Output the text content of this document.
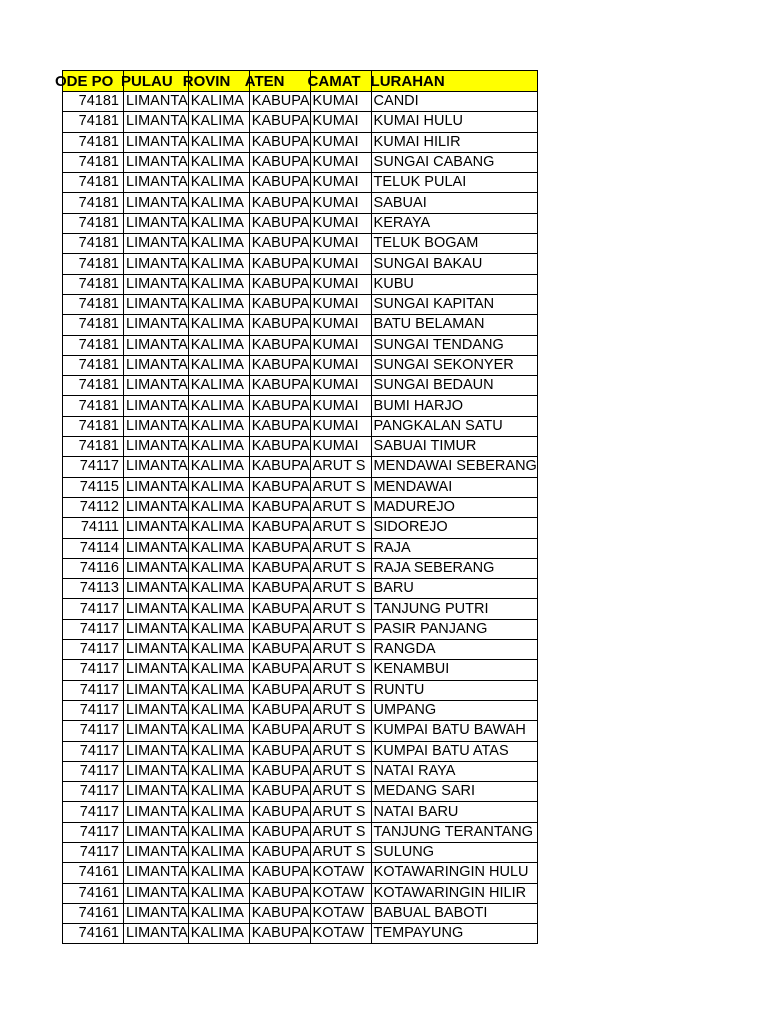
ODE PO	PULAU	ROVIN	ATEN	CAMAT	LURAHAN
74181	LIMANTA	KALIMA	KABUPA	KUMAI	CANDI
74181	LIMANTA	KALIMA	KABUPA	KUMAI	KUMAI HULU
74181	LIMANTA	KALIMA	KABUPA	KUMAI	KUMAI HILIR
74181	LIMANTA	KALIMA	KABUPA	KUMAI	SUNGAI CABANG
74181	LIMANTA	KALIMA	KABUPA	KUMAI	TELUK PULAI
74181	LIMANTA	KALIMA	KABUPA	KUMAI	SABUAI
74181	LIMANTA	KALIMA	KABUPA	KUMAI	KERAYA
74181	LIMANTA	KALIMA	KABUPA	KUMAI	TELUK BOGAM
74181	LIMANTA	KALIMA	KABUPA	KUMAI	SUNGAI BAKAU
74181	LIMANTA	KALIMA	KABUPA	KUMAI	KUBU
74181	LIMANTA	KALIMA	KABUPA	KUMAI	SUNGAI KAPITAN
74181	LIMANTA	KALIMA	KABUPA	KUMAI	BATU BELAMAN
74181	LIMANTA	KALIMA	KABUPA	KUMAI	SUNGAI TENDANG
74181	LIMANTA	KALIMA	KABUPA	KUMAI	SUNGAI SEKONYER
74181	LIMANTA	KALIMA	KABUPA	KUMAI	SUNGAI BEDAUN
74181	LIMANTA	KALIMA	KABUPA	KUMAI	BUMI HARJO
74181	LIMANTA	KALIMA	KABUPA	KUMAI	PANGKALAN SATU
74181	LIMANTA	KALIMA	KABUPA	KUMAI	SABUAI TIMUR
74117	LIMANTA	KALIMA	KABUPA	ARUT S	MENDAWAI SEBERANG
74115	LIMANTA	KALIMA	KABUPA	ARUT S	MENDAWAI
74112	LIMANTA	KALIMA	KABUPA	ARUT S	MADUREJO
74111	LIMANTA	KALIMA	KABUPA	ARUT S	SIDOREJO
74114	LIMANTA	KALIMA	KABUPA	ARUT S	RAJA
74116	LIMANTA	KALIMA	KABUPA	ARUT S	RAJA SEBERANG
74113	LIMANTA	KALIMA	KABUPA	ARUT S	BARU
74117	LIMANTA	KALIMA	KABUPA	ARUT S	TANJUNG PUTRI
74117	LIMANTA	KALIMA	KABUPA	ARUT S	PASIR PANJANG
74117	LIMANTA	KALIMA	KABUPA	ARUT S	RANGDA
74117	LIMANTA	KALIMA	KABUPA	ARUT S	KENAMBUI
74117	LIMANTA	KALIMA	KABUPA	ARUT S	RUNTU
74117	LIMANTA	KALIMA	KABUPA	ARUT S	UMPANG
74117	LIMANTA	KALIMA	KABUPA	ARUT S	KUMPAI BATU BAWAH
74117	LIMANTA	KALIMA	KABUPA	ARUT S	KUMPAI BATU ATAS
74117	LIMANTA	KALIMA	KABUPA	ARUT S	NATAI RAYA
74117	LIMANTA	KALIMA	KABUPA	ARUT S	MEDANG SARI
74117	LIMANTA	KALIMA	KABUPA	ARUT S	NATAI BARU
74117	LIMANTA	KALIMA	KABUPA	ARUT S	TANJUNG TERANTANG
74117	LIMANTA	KALIMA	KABUPA	ARUT S	SULUNG
74161	LIMANTA	KALIMA	KABUPA	KOTAW	KOTAWARINGIN HULU
74161	LIMANTA	KALIMA	KABUPA	KOTAW	KOTAWARINGIN HILIR
74161	LIMANTA	KALIMA	KABUPA	KOTAW	BABUAL BABOTI
74161	LIMANTA	KALIMA	KABUPA	KOTAW	TEMPAYUNG
